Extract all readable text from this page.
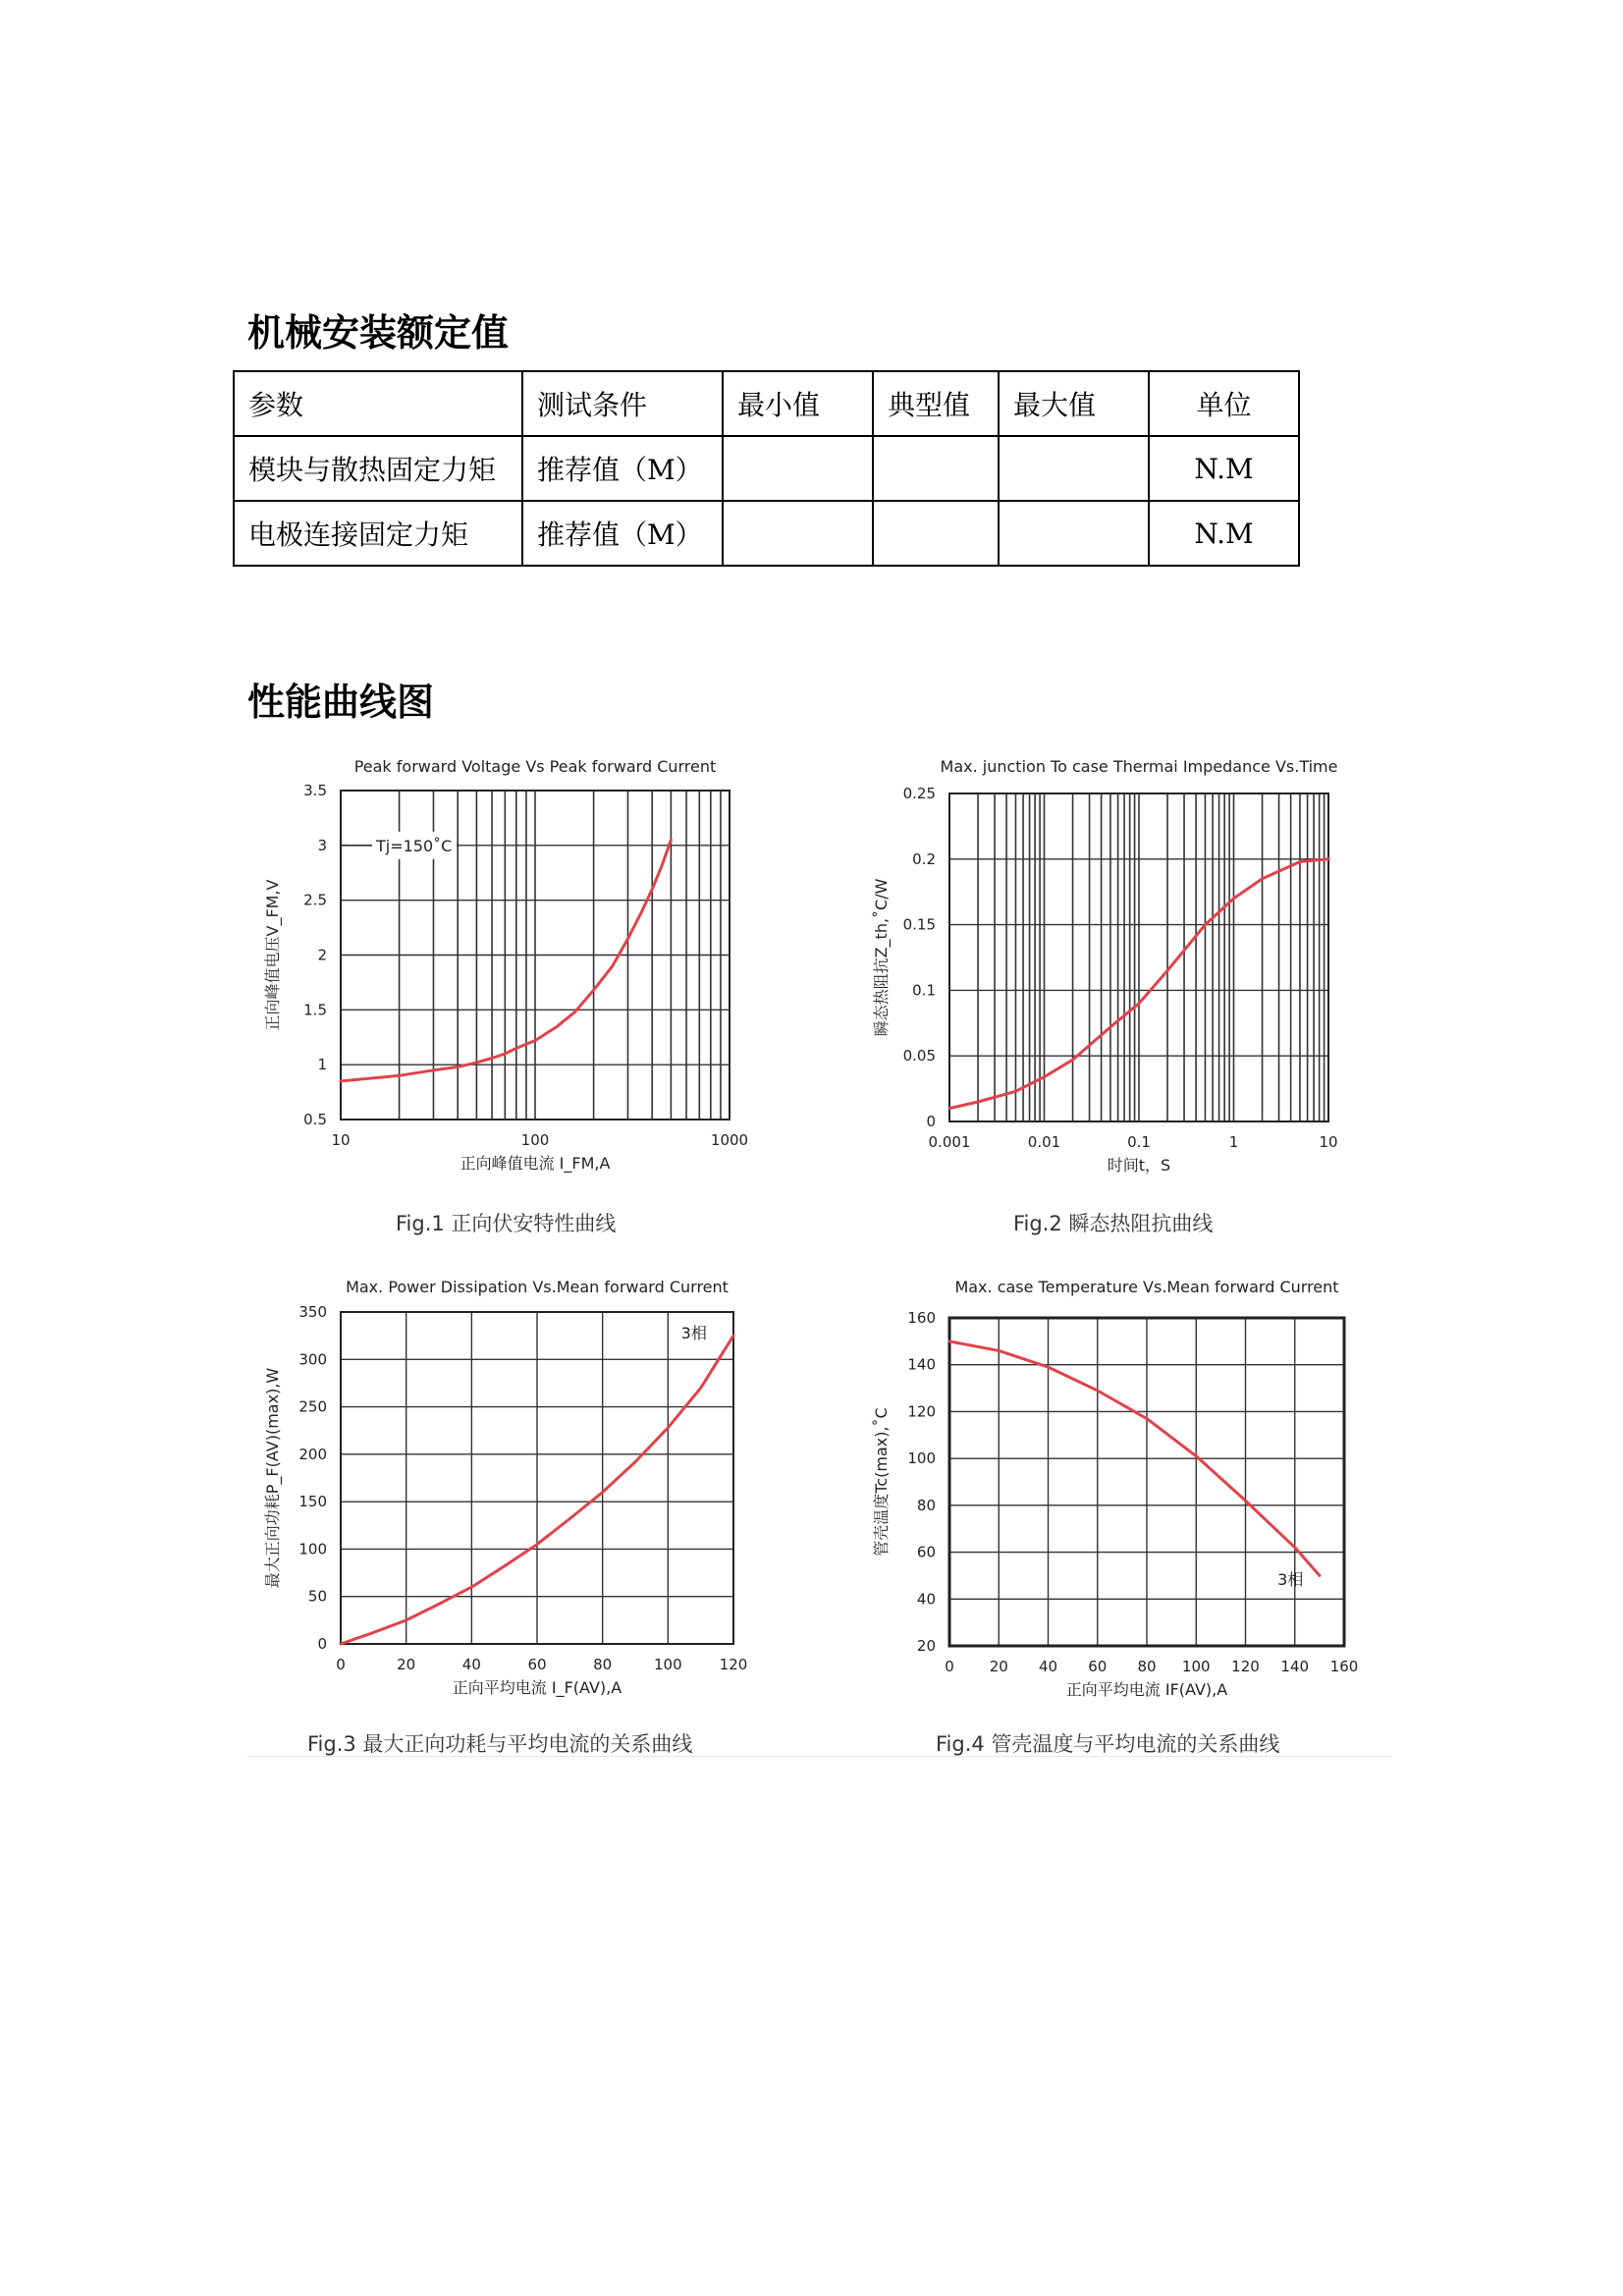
机械安装额定值
参数	测试条件	最小值	典型值	最大值	单位
模块与散热固定力矩	推荐值（M）				N.M
电极连接固定力矩	推荐值（M）				N.M
性能曲线图
Peak forward Voltage Vs Peak forward Current
3.5
3
2.5
2
1.5
1
0.5
10	100	1000
正向峰值电流 I_FM,A
正向峰值电压V_FM,V
Tj=150˚C
Fig.1 正向伏安特性曲线
Max. junction To case Thermai Impedance Vs.Time
0.25
0.2
0.15
0.1
0.05
0
0.001	0.01	0.1	1	10
时间t，S
瞬态热阻抗Z_th,˚C/W
Fig.2 瞬态热阻抗曲线
Max. Power Dissipation Vs.Mean forward Current
350
300
250
200
150
100
50
0
0	20	40	60	80	100	120
正向平均电流 I_F(AV),A
最大正向功耗P_F(AV)(max),W
3相
Fig.3 最大正向功耗与平均电流的关系曲线
Max. case Temperature Vs.Mean forward Current
160
140
120
100
80
60
40
20
0 20 40 60 80 100 120 140 160
正向平均电流 IF(AV),A
管壳温度Tc(max),˚C
3相
Fig.4 管壳温度与平均电流的关系曲线
